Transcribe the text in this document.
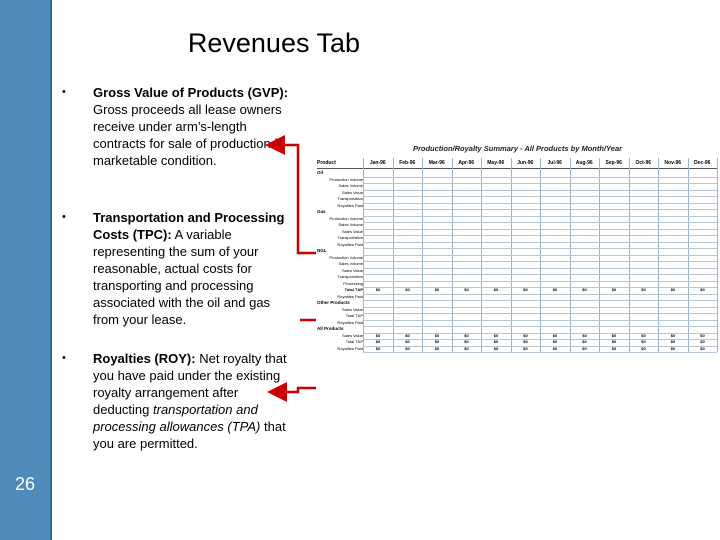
26
Revenues Tab
• Gross Value of Products (GVP): Gross proceeds all lease owners receive under arm’s-length contracts for sale of production in marketable condition.
• Transportation and Processing Costs (TPC): A variable representing the sum of your reasonable, actual costs for transporting and processing associated with the oil and gas from your lease.
• Royalties (ROY): Net royalty that you have paid under the existing royalty arrangement after deducting transportation and processing allowances (TPA) that you are permitted.
Production/Royalty Summary - All Products by Month/Year
Product	Jan-96	Feb-96	Mar-96	Apr-96	May-96	Jun-96	Jul-96	Aug-96	Sep-96	Oct-96	Nov-96	Dec-96
Oil
Production Volume
Sales Volume
Sales Value
Transportation
Royalties Paid
Gas
Production Volume
Sales Volume
Sales Value
Transportation
Royalties Paid
NGL
Production Volume
Sales Volume
Sales Value
Transportation
Processing
Total T&P	$0	$0	$0	$0	$0	$0	$0	$0	$0	$0	$0	$0
Royalties Paid
Other Products
Sales Value
Total T&P
Royalties Paid
All Products
Sales Value	$0	$0	$0	$0	$0	$0	$0	$0	$0	$0	$0	$0
Total T&P	$0	$0	$0	$0	$0	$0	$0	$0	$0	$0	$0	$0
Royalties Paid	$0	$0	$0	$0	$0	$0	$0	$0	$0	$0	$0	$0
